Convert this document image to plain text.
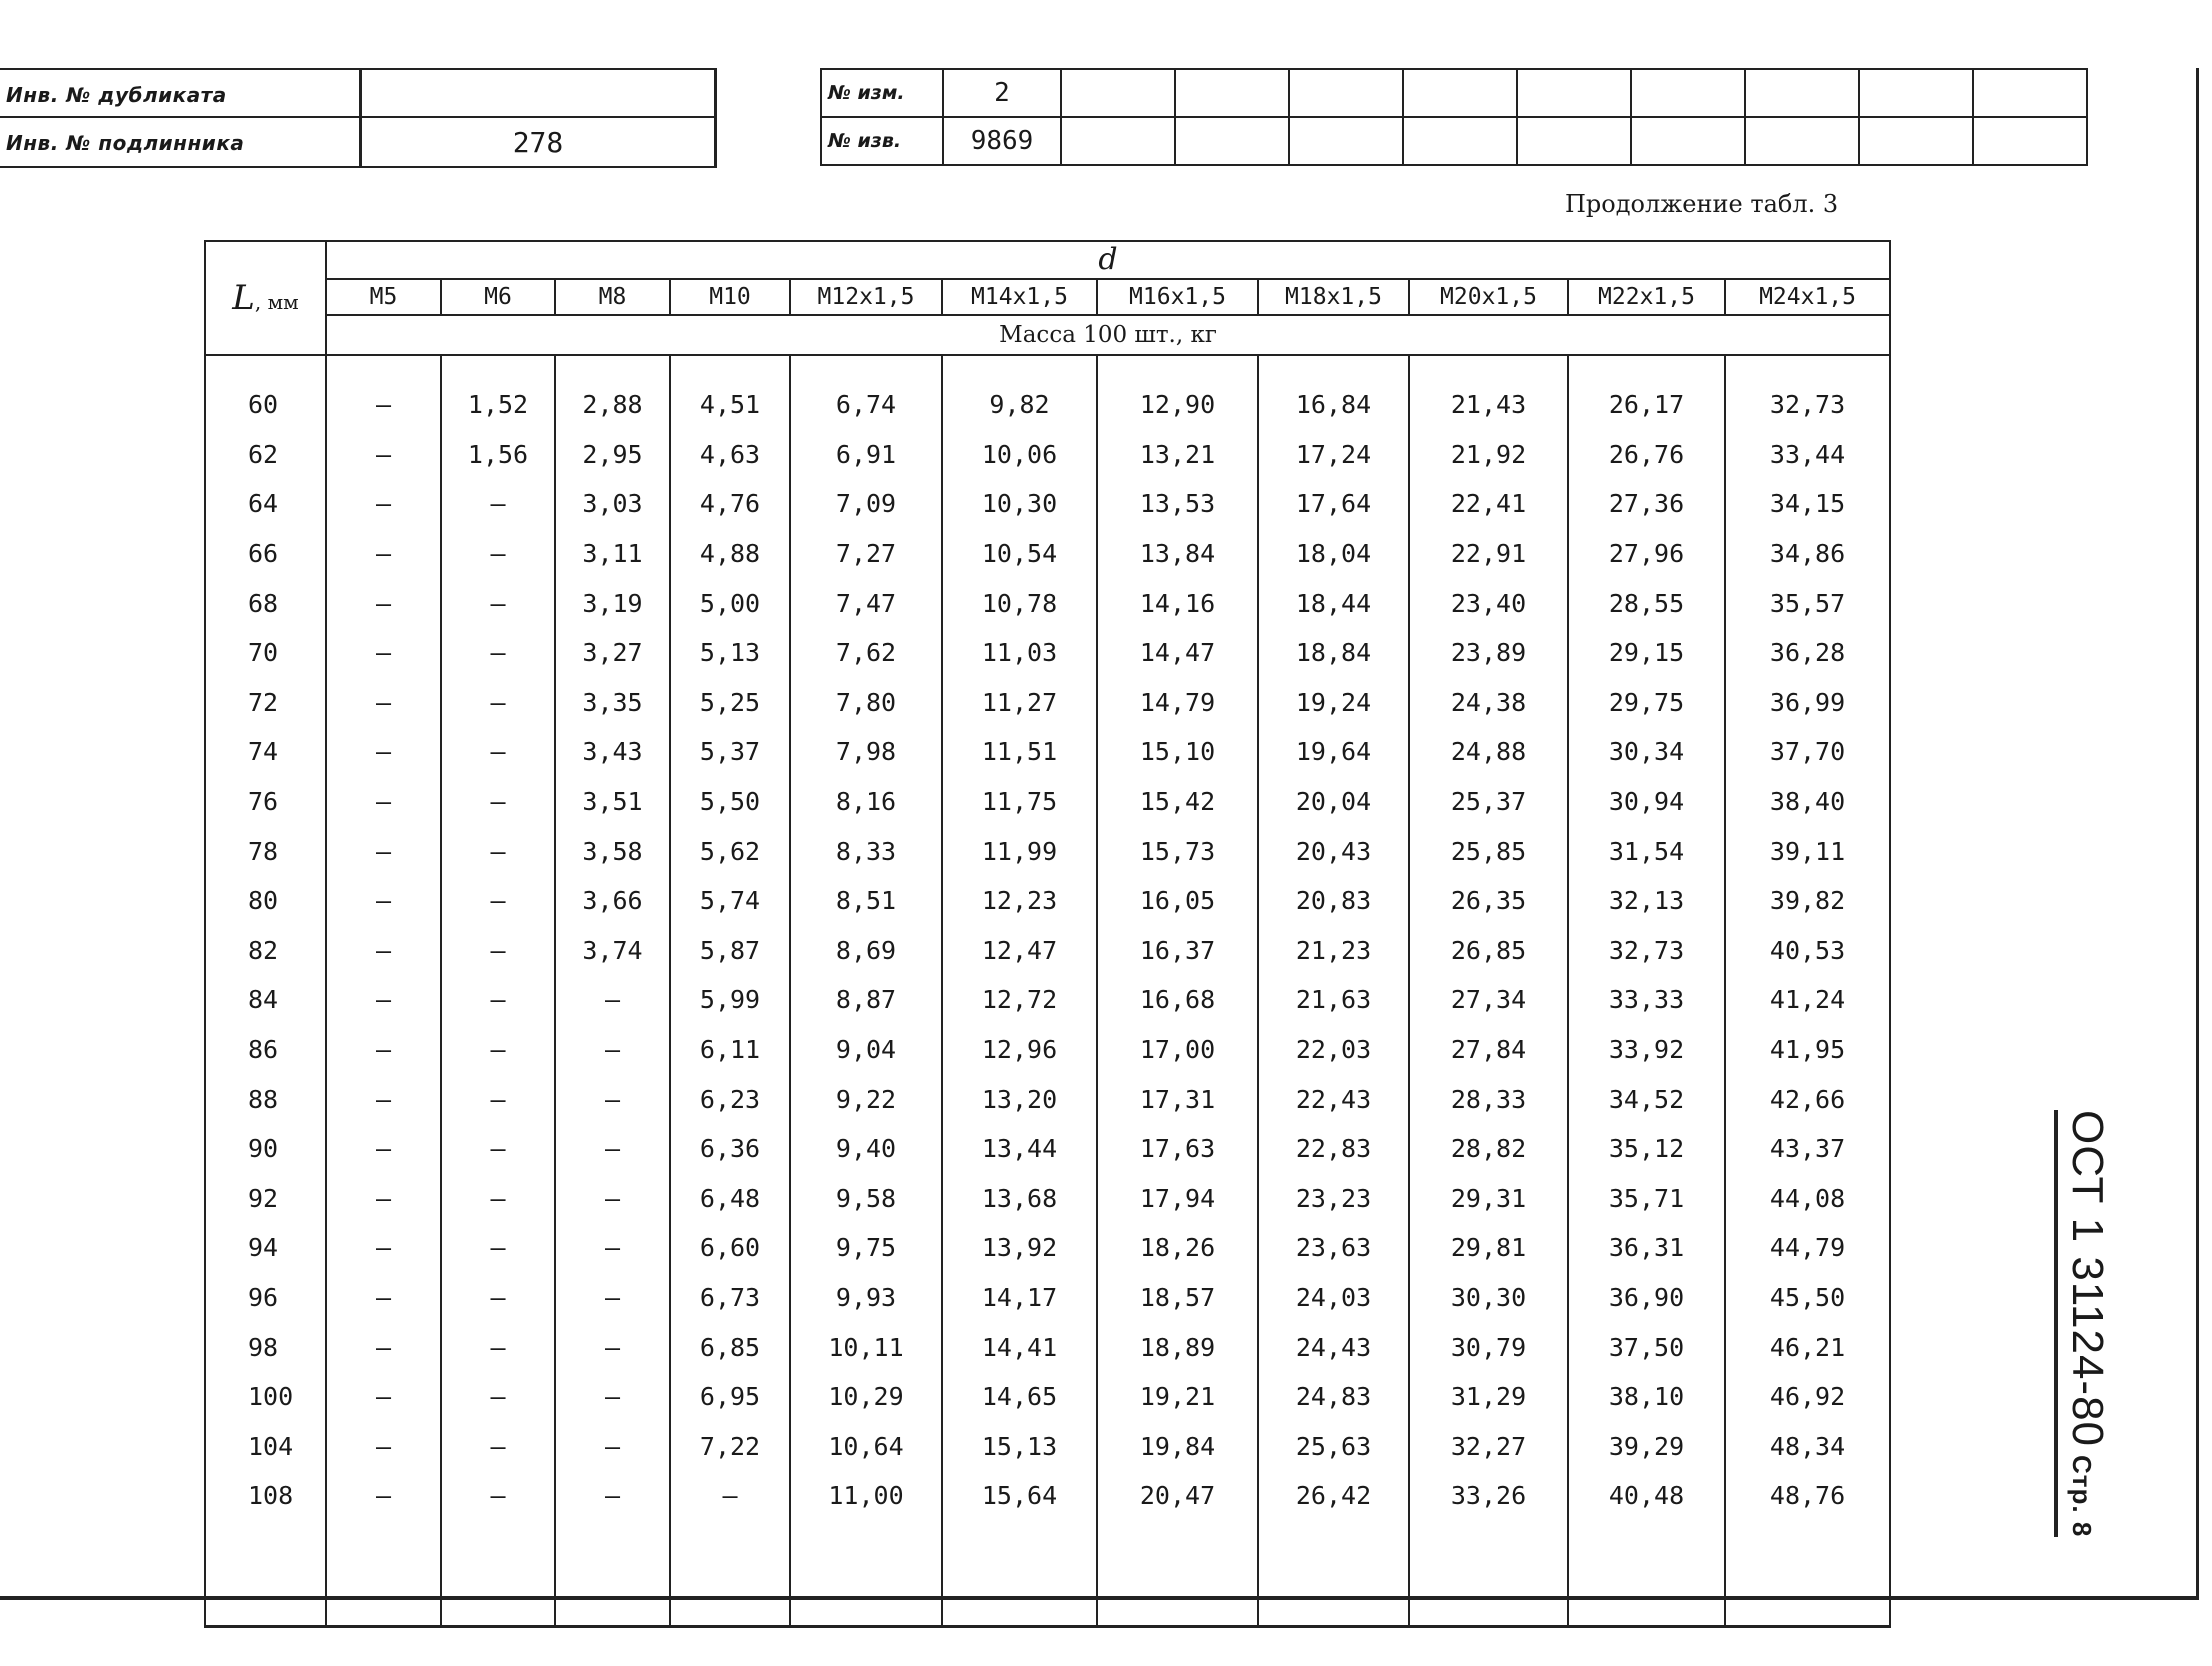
Инв. № дубликата
Инв. № подлинника	278
№ изм.	2									
№ изв.	9869									
Продолжение табл. 3
L, мм	d										
	M5	M6	M8	M10	M12x1,5	M14x1,5	M16x1,5	M18x1,5	M20x1,5	M22x1,5	M24x1,5
	Масса 100 шт., кг										

60	–	1,52	2,88	4,51	6,74	9,82	12,90	16,84	21,43	26,17	32,73
62	–	1,56	2,95	4,63	6,91	10,06	13,21	17,24	21,92	26,76	33,44
64	–	–	3,03	4,76	7,09	10,30	13,53	17,64	22,41	27,36	34,15
66	–	–	3,11	4,88	7,27	10,54	13,84	18,04	22,91	27,96	34,86
68	–	–	3,19	5,00	7,47	10,78	14,16	18,44	23,40	28,55	35,57
70	–	–	3,27	5,13	7,62	11,03	14,47	18,84	23,89	29,15	36,28
72	–	–	3,35	5,25	7,80	11,27	14,79	19,24	24,38	29,75	36,99
74	–	–	3,43	5,37	7,98	11,51	15,10	19,64	24,88	30,34	37,70
76	–	–	3,51	5,50	8,16	11,75	15,42	20,04	25,37	30,94	38,40
78	–	–	3,58	5,62	8,33	11,99	15,73	20,43	25,85	31,54	39,11
80	–	–	3,66	5,74	8,51	12,23	16,05	20,83	26,35	32,13	39,82
82	–	–	3,74	5,87	8,69	12,47	16,37	21,23	26,85	32,73	40,53
84	–	–	–	5,99	8,87	12,72	16,68	21,63	27,34	33,33	41,24
86	–	–	–	6,11	9,04	12,96	17,00	22,03	27,84	33,92	41,95
88	–	–	–	6,23	9,22	13,20	17,31	22,43	28,33	34,52	42,66
90	–	–	–	6,36	9,40	13,44	17,63	22,83	28,82	35,12	43,37
92	–	–	–	6,48	9,58	13,68	17,94	23,23	29,31	35,71	44,08
94	–	–	–	6,60	9,75	13,92	18,26	23,63	29,81	36,31	44,79
96	–	–	–	6,73	9,93	14,17	18,57	24,03	30,30	36,90	45,50
98	–	–	–	6,85	10,11	14,41	18,89	24,43	30,79	37,50	46,21
100	–	–	–	6,95	10,29	14,65	19,21	24,83	31,29	38,10	46,92
104	–	–	–	7,22	10,64	15,13	19,84	25,63	32,27	39,29	48,34
108	–	–	–	–	11,00	15,64	20,47	26,42	33,26	40,48	48,76

ОСТ 1 31124-80Стр. 8
